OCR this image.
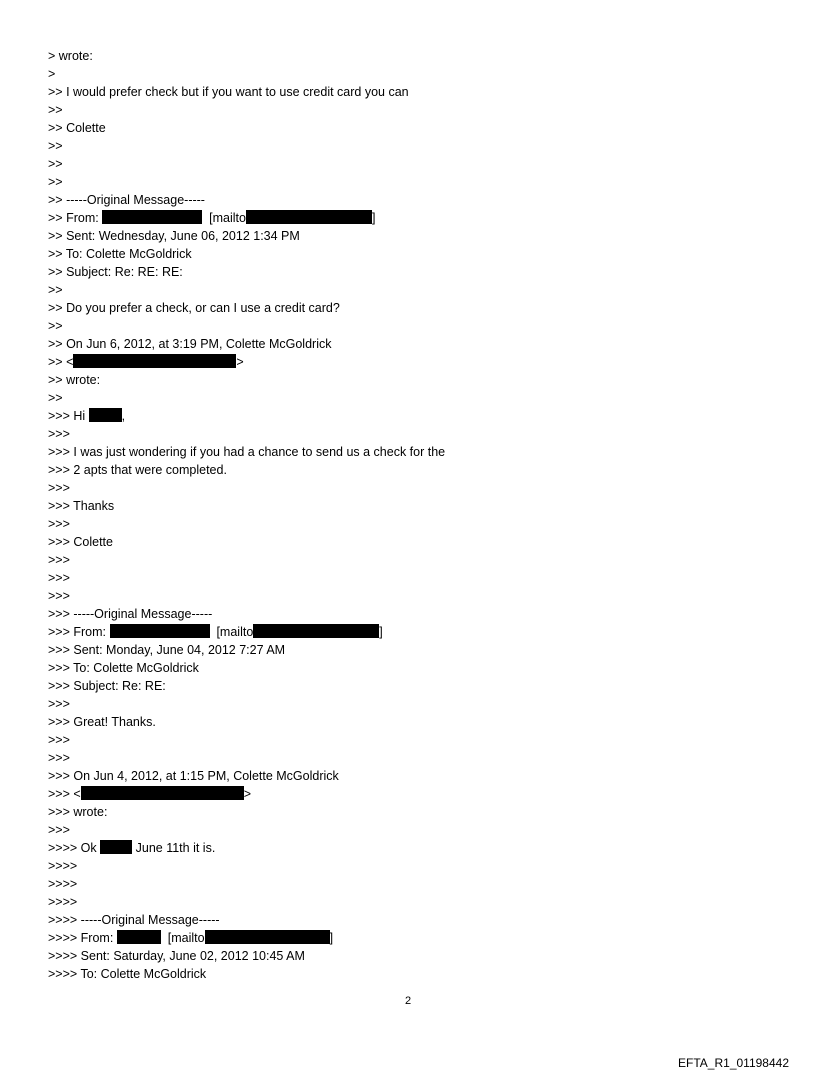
> wrote:
>
>> I would prefer check but if you want to use credit card you can
>>
>> Colette
>>
>>
>>
>> -----Original Message-----
>> From:	[mailto	]
>> Sent: Wednesday, June 06, 2012 1:34 PM
>> To: Colette McGoldrick
>> Subject: Re: RE: RE:
>>
>> Do you prefer a check, or can I use a credit card?
>>
>> On Jun 6, 2012, at 3:19 PM, Colette McGoldrick
>> <	>
>> wrote:
>>
>>> Hi	,
>>>
>>> I was just wondering if you had a chance to send us a check for the
>>> 2 apts that were completed.
>>>
>>> Thanks
>>>
>>> Colette
>>>
>>>
>>>
>>> -----Original Message-----
>>> From:	[mailto	]
>>> Sent: Monday, June 04, 2012 7:27 AM
>>> To: Colette McGoldrick
>>> Subject: Re: RE:
>>>
>>> Great! Thanks.
>>>
>>>
>>> On Jun 4, 2012, at 1:15 PM, Colette McGoldrick
>>> <	>
>>> wrote:
>>>
>>>> Ok	June 11th it is.
>>>>
>>>>
>>>>
>>>> -----Original Message-----
>>>> From:	[mailto	]
>>>> Sent: Saturday, June 02, 2012 10:45 AM
>>>> To: Colette McGoldrick
2
EFTA_R1_01198442
